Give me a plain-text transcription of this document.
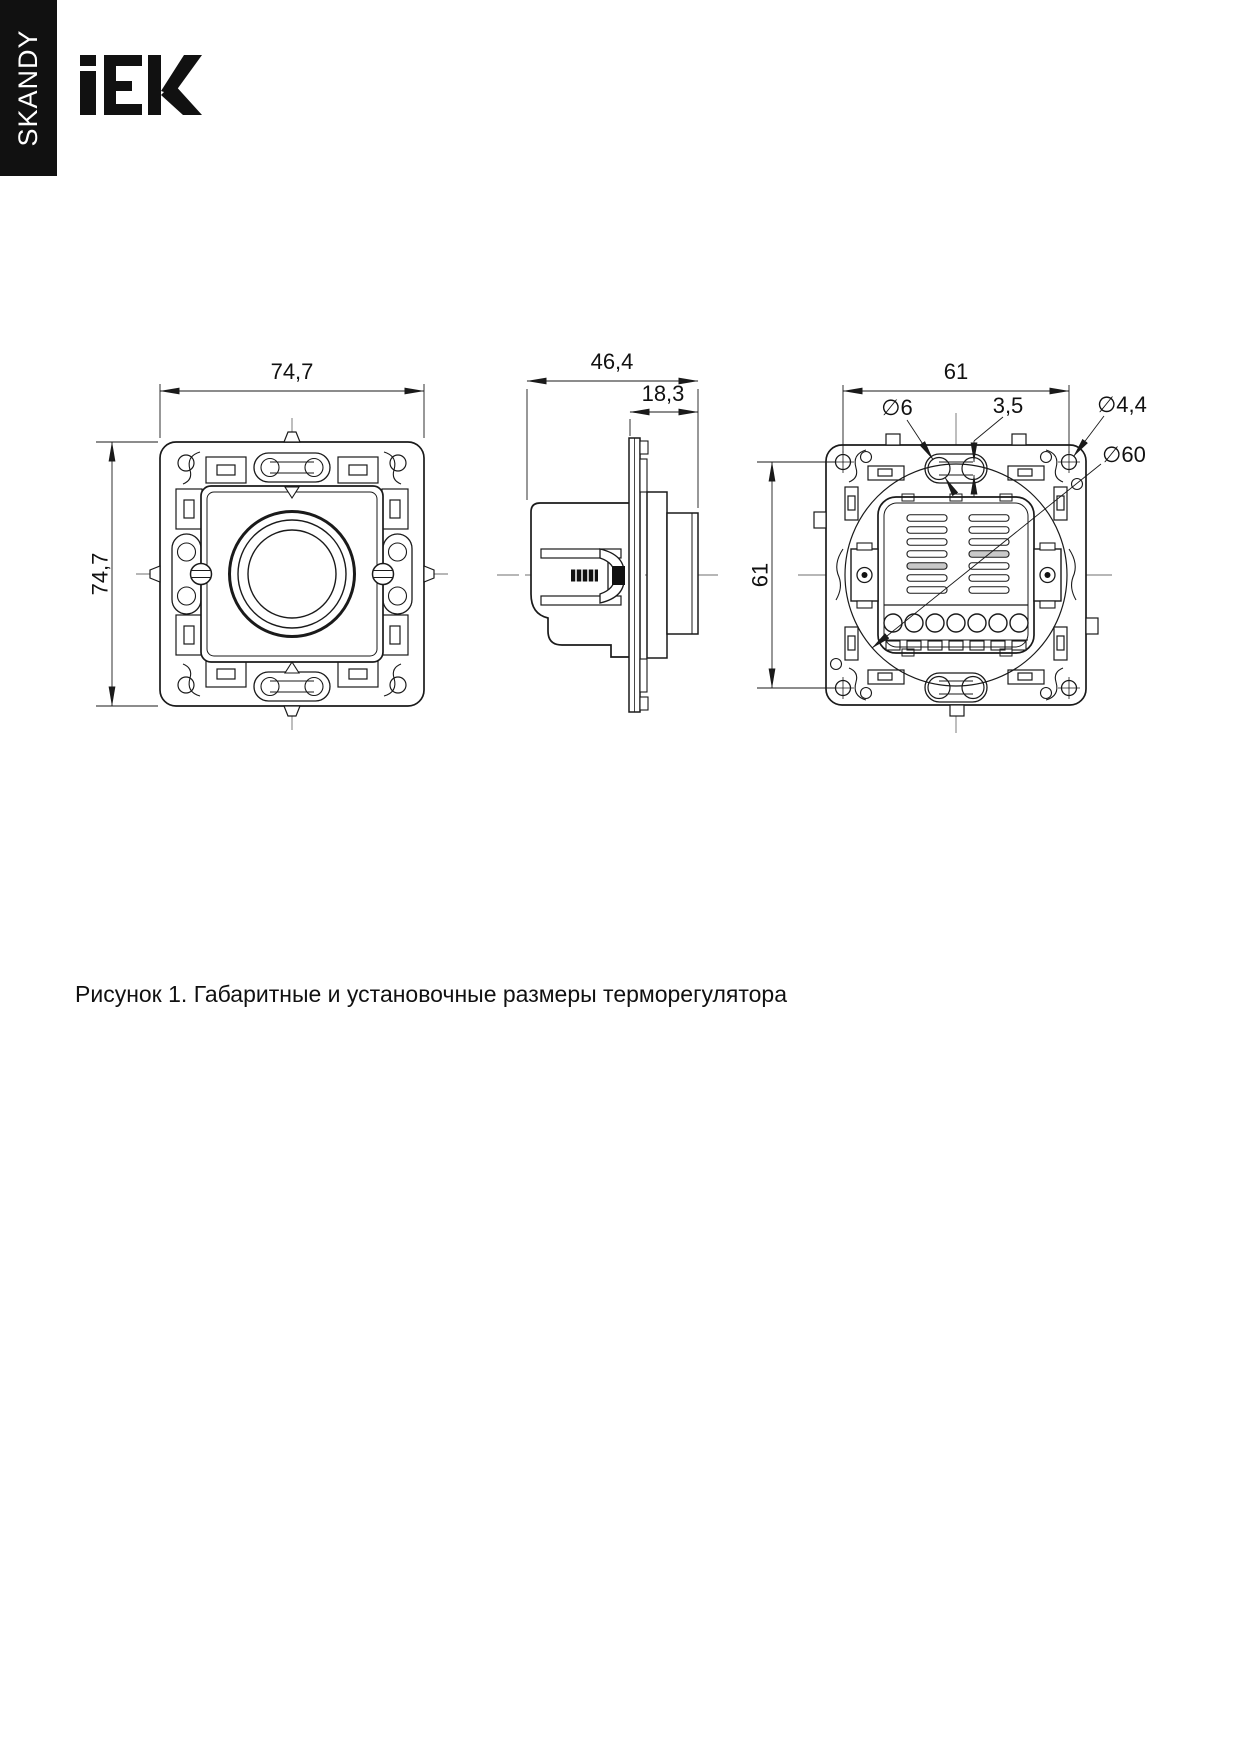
SKANDY
74,7
74,7
46,4
18,3
61
61
∅6	3,5	∅4,4
∅60

Рисунок 1. Габаритные и установочные размеры терморегулятора
